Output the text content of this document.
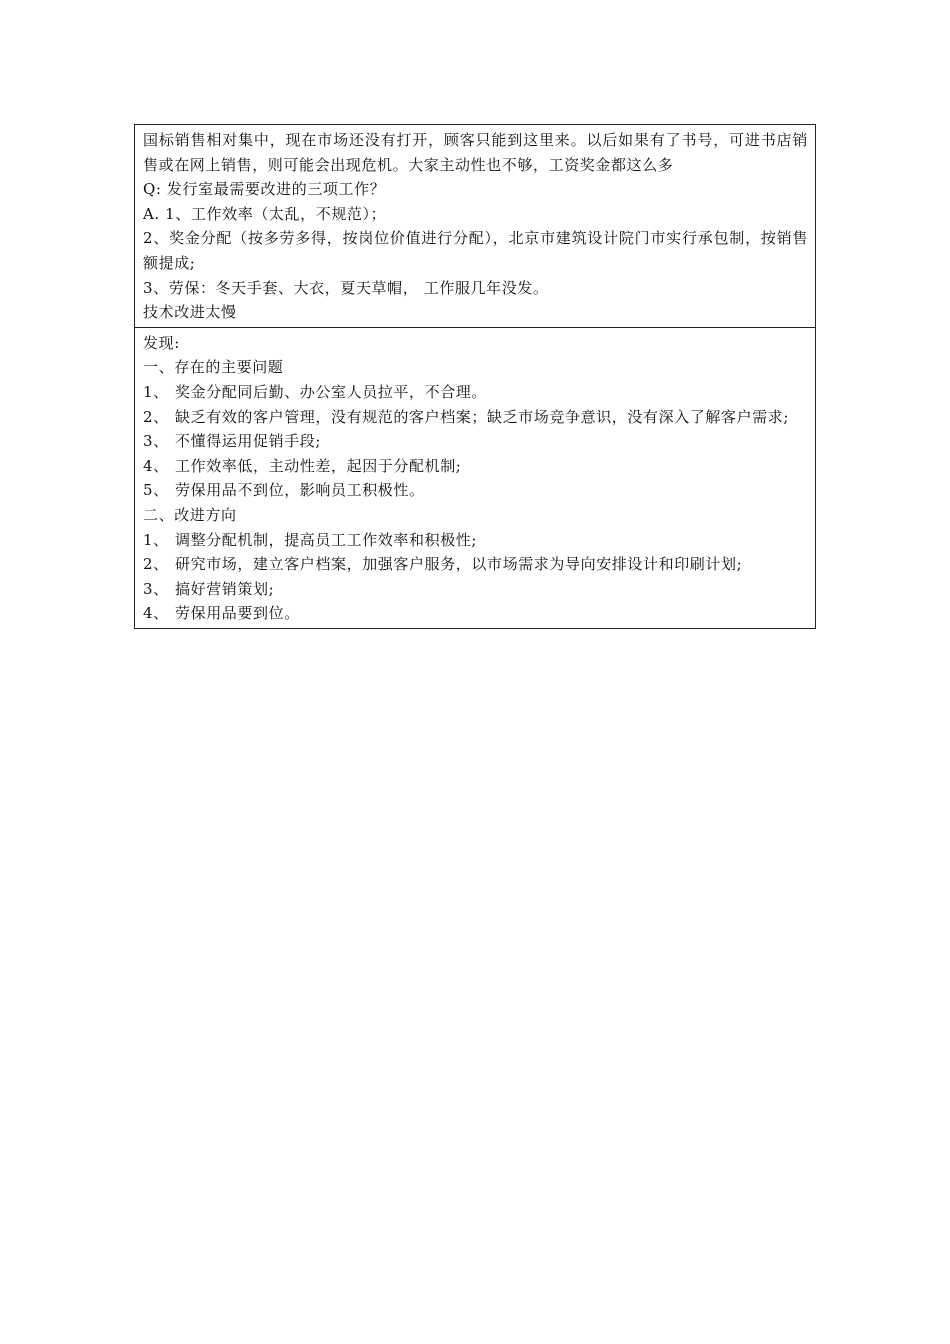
国标销售相对集中，现在市场还没有打开，顾客只能到这里来。以后如果有了书号，可进书店销售或在网上销售，则可能会出现危机。大家主动性也不够，工资奖金都这么多
Q: 发行室最需要改进的三项工作？
A. 1、工作效率（太乱，不规范）；
2、奖金分配（按多劳多得，按岗位价值进行分配），北京市建筑设计院门市实行承包制，按销售额提成;
3、劳保：冬天手套、大衣，夏天草帽， 工作服几年没发。
技术改进太慢

发现:
一、存在的主要问题
1、 奖金分配同后勤、办公室人员拉平，不合理。
2、 缺乏有效的客户管理，没有规范的客户档案；缺乏市场竞争意识，没有深入了解客户需求;
3、 不懂得运用促销手段;
4、 工作效率低，主动性差，起因于分配机制;
5、 劳保用品不到位，影响员工积极性。
二、改进方向
1、 调整分配机制，提高员工工作效率和积极性;
2、 研究市场，建立客户档案，加强客户服务，以市场需求为导向安排设计和印刷计划;
3、 搞好营销策划;
4、 劳保用品要到位。
